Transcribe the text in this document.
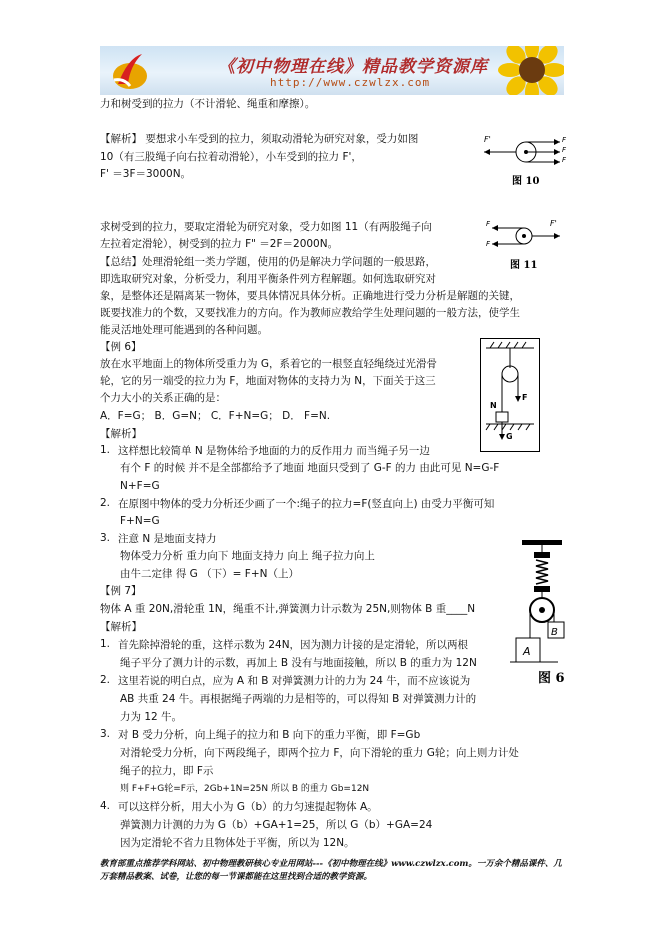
《初中物理在线》精品教学资源库
http://www.czwlzx.com
力和树受到的拉力（不计滑轮、绳重和摩擦）。
【解析】 要想求小车受到的拉力，须取动滑轮为研究对象，受力如图
10（有三股绳子向右拉着动滑轮），小车受到的拉力 F'，
F' ＝3F＝3000N。
F'	F
F
F
图 10
求树受到的拉力，要取定滑轮为研究对象，受力如图 11（有两股绳子向
左拉着定滑轮），树受到的拉力 F" ＝2F＝2000N。
F
F
F'
图 11
【总结】处理滑轮组一类力学题，使用的仍是解决力学问题的一般思路，
即选取研究对象，分析受力，利用平衡条件列方程解题。如何选取研究对
象，是整体还是隔离某一物体，要具体情况具体分析。正确地进行受力分析是解题的关键，
既要找准力的个数，又要找准力的方向。作为教师应教给学生处理问题的一般方法，使学生
能灵活地处理可能遇到的各种问题。
【例 6】
放在水平地面上的物体所受重力为 G，系着它的一根竖直轻绳绕过光滑骨
轮，它的另一端受的拉力为 F，地面对物体的支持力为 N，下面关于这三
个力大小的关系正确的是：
A．F=G； B．G=N； C．F+N=G； D． F=N.
【解析】
F
N
G
1. 这样想比较简单 N 是物体给予地面的力的反作用力 而当绳子另一边
有个 F 的时候 并不是全部都给予了地面 地面只受到了 G-F 的力 由此可见 N=G-F
N+F=G
2. 在原图中物体的受力分析还少画了一个:绳子的拉力=F(竖直向上) 由受力平衡可知
F+N=G
3. 注意 N 是地面支持力
物体受力分析 重力向下 地面支持力 向上 绳子拉力向上
由牛二定律 得 G （下）= F+N（上）
【例 7】
物体 A 重 20N,滑轮重 1N，绳重不计,弹簧测力计示数为 25N,则物体 B 重____N
【解析】
A
B
图 6
1. 首先除掉滑轮的重，这样示数为 24N，因为测力计接的是定滑轮，所以两根
绳子平分了测力计的示数，再加上 B 没有与地面接触，所以 B 的重力为 12N
2. 这里若说的明白点，应为 A 和 B 对弹簧测力计的力为 24 牛，而不应该说为
AB 共重 24 牛。再根据绳子两端的力是相等的，可以得知 B 对弹簧测力计的
力为 12 牛。
3. 对 B 受力分析，向上绳子的拉力和 B 向下的重力平衡，即 F=Gb
对滑轮受力分析，向下两段绳子，即两个拉力 F，向下滑轮的重力 G轮；向上则力计处
绳子的拉力，即 F示
则 F+F+G轮=F示，2Gb+1N=25N 所以 B 的重力 Gb=12N
4. 可以这样分析，用大小为 G（b）的力匀速提起物体 A。
弹簧测力计测的力为 G（b）+GA+1=25，所以 G（b）+GA=24
因为定滑轮不省力且物体处于平衡，所以为 12N。
教育部重点推荐学科网站、初中物理教研核心专业用网站---《初中物理在线》www.czwlzx.com。一万余个精品课件、几万套精品教案、试卷，让您的每一节课都能在这里找到合适的教学资源。
